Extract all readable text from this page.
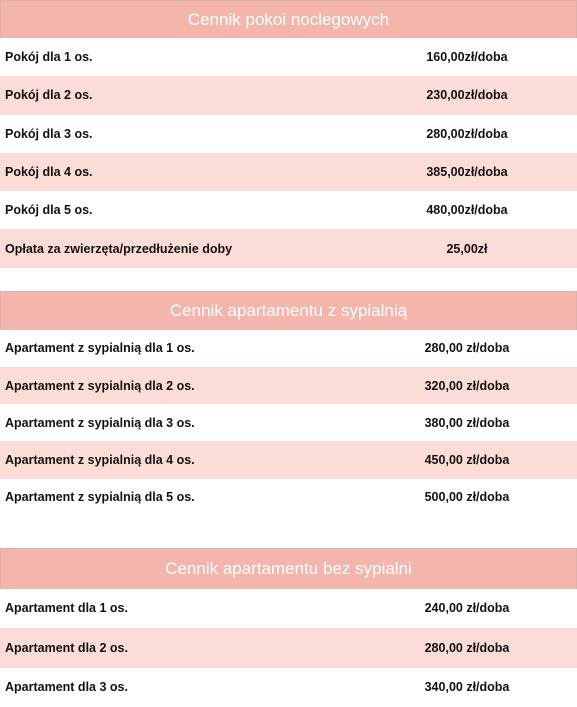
Cennik pokoi noclegowych
Pokój dla 1 os.	160,00zł/doba
Pokój dla 2 os.	230,00zł/doba
Pokój dla 3 os.	280,00zł/doba
Pokój dla 4 os.	385,00zł/doba
Pokój dla 5 os.	480,00zł/doba
Opłata za zwierzęta/przedłużenie doby	25,00zł
Cennik apartamentu z sypialnią
Apartament z sypialnią dla 1 os.	280,00 zł/doba
Apartament z sypialnią dla 2 os.	320,00 zł/doba
Apartament z sypialnią dla 3 os.	380,00 zł/doba
Apartament z sypialnią dla 4 os.	450,00 zł/doba
Apartament z sypialnią dla 5 os.	500,00 zł/doba
Cennik apartamentu bez sypialni
Apartament dla 1 os.	240,00 zł/doba
Apartament dla 2 os.	280,00 zł/doba
Apartament dla 3 os.	340,00 zł/doba
